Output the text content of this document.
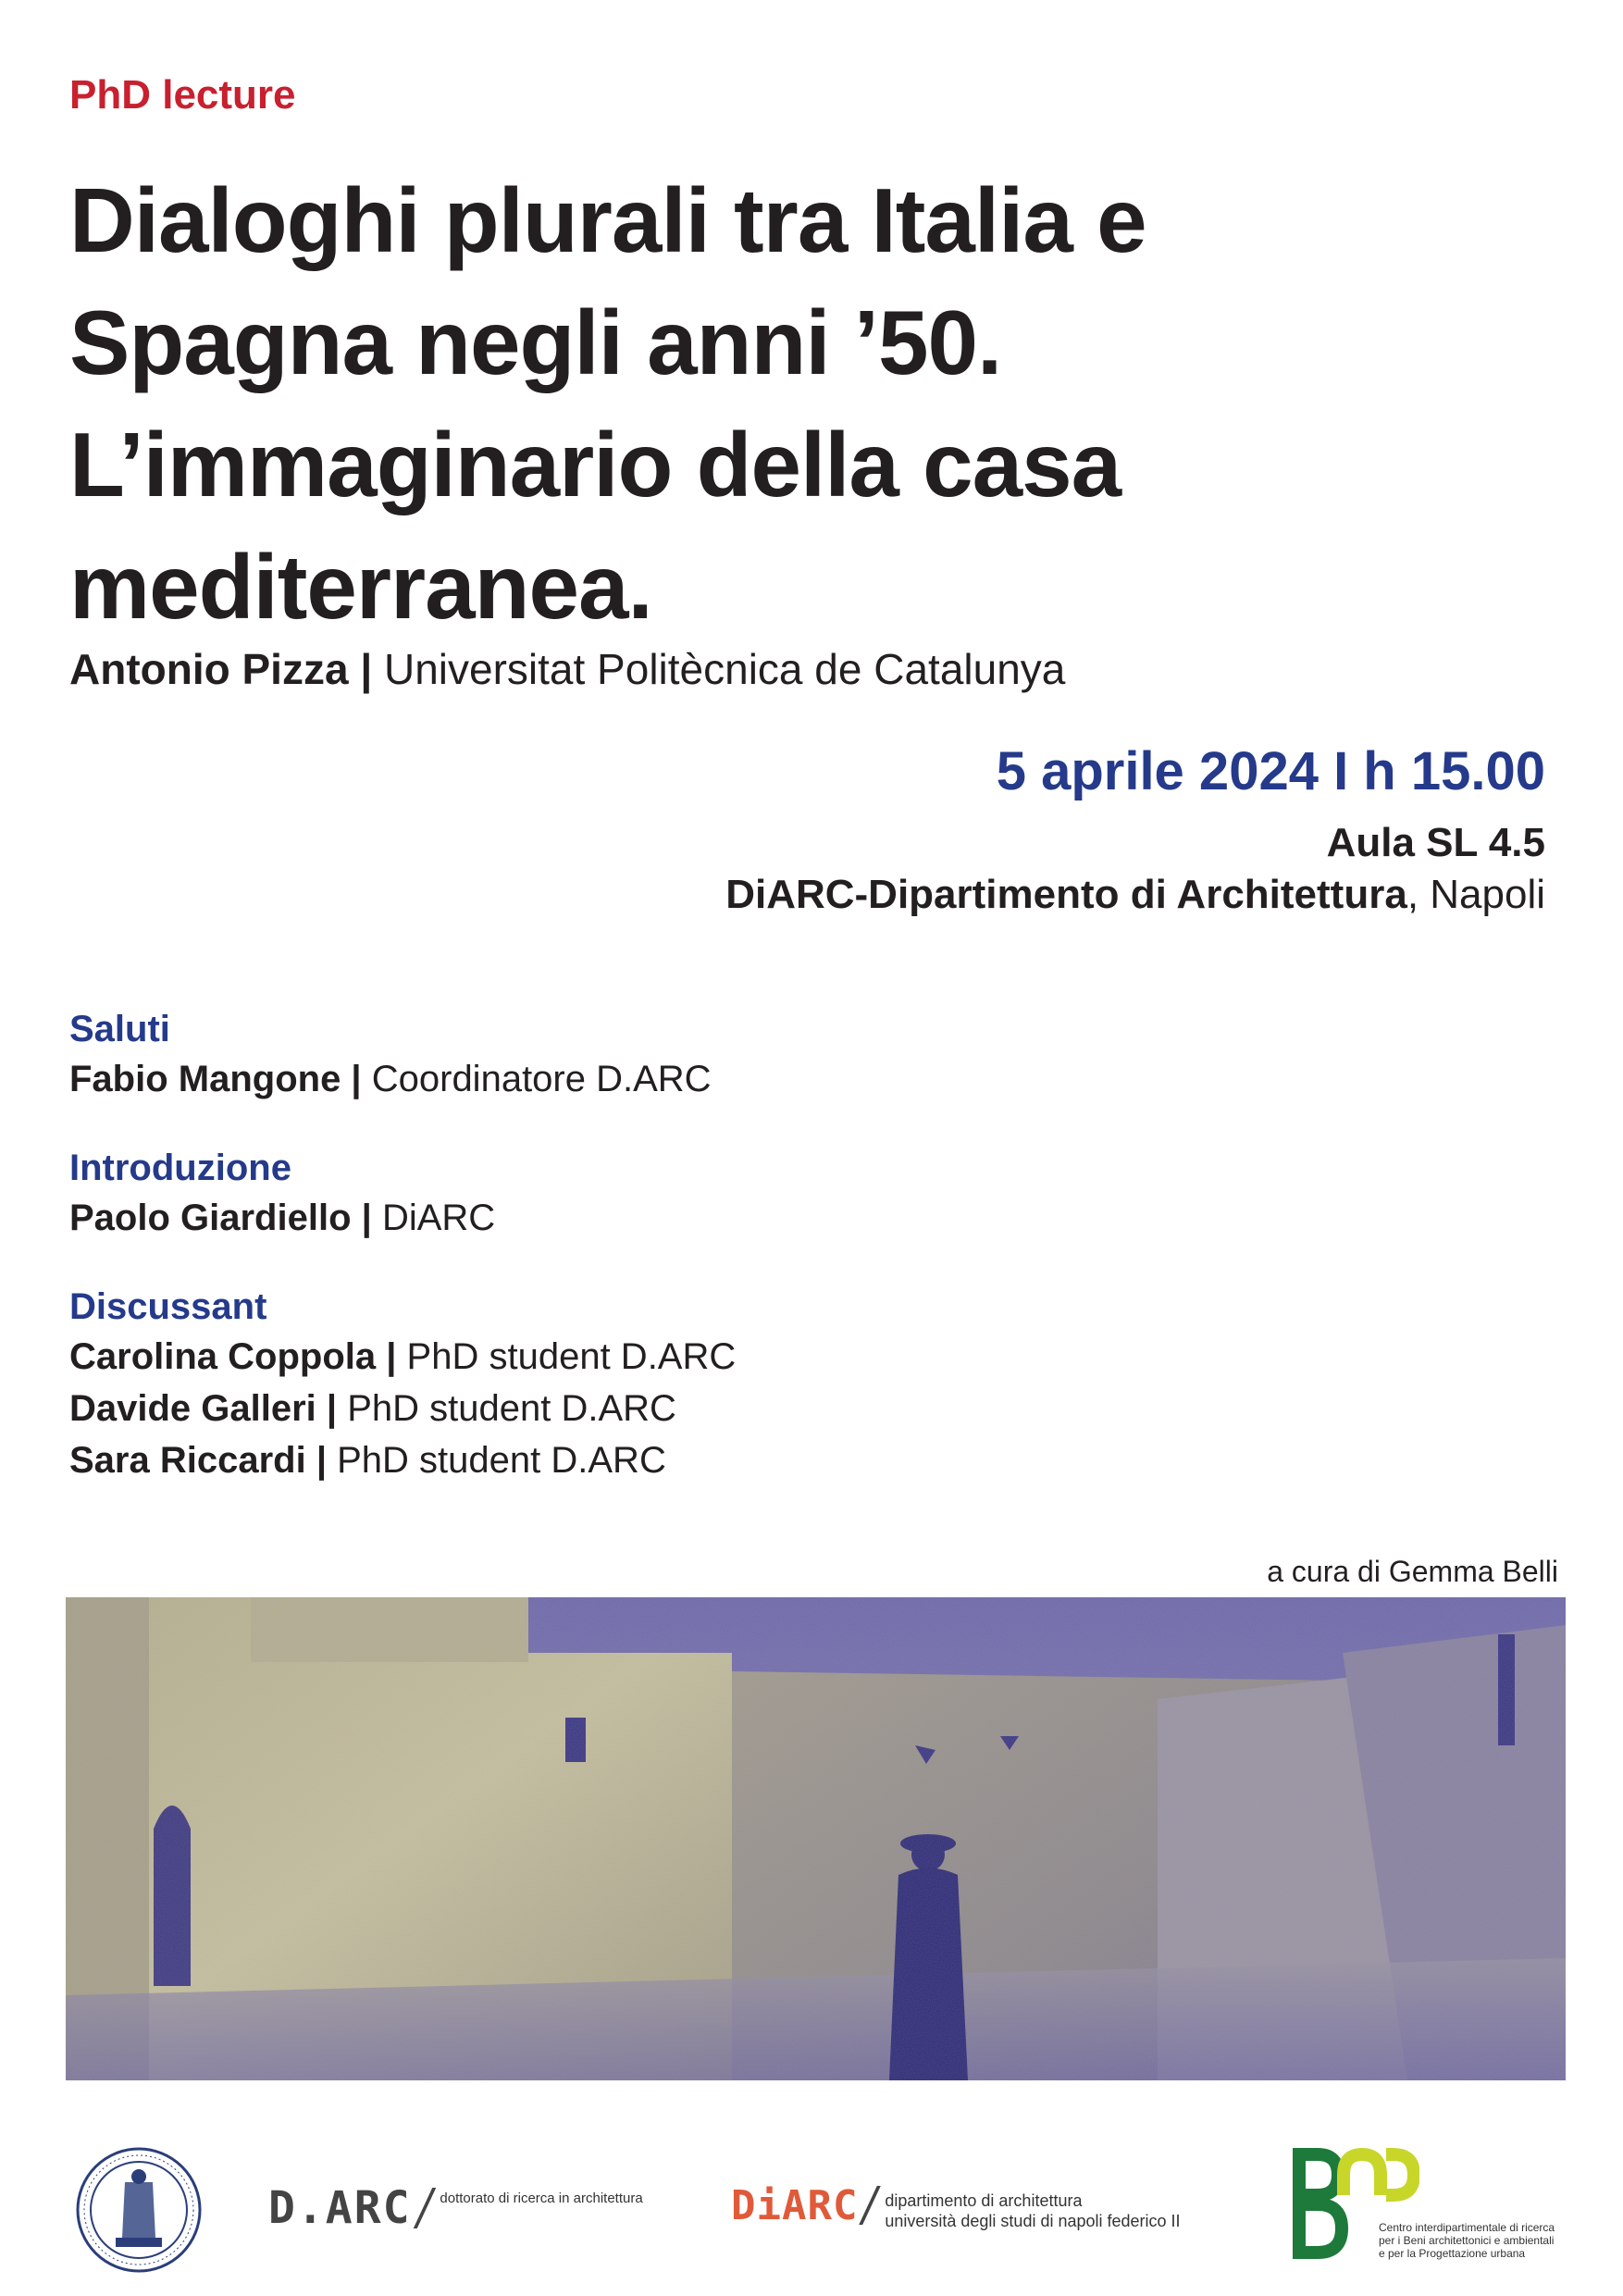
PhD lecture
Dialoghi plurali tra Italia e
Spagna negli anni ’50.
L’immaginario della casa
mediterranea.
Antonio Pizza | Universitat Politècnica de Catalunya
5 aprile 2024 I h 15.00
Aula SL 4.5
DiARC-Dipartimento di Architettura, Napoli
Saluti
Fabio Mangone | Coordinatore D.ARC
Introduzione
Paolo Giardiello | DiARC
Discussant
Carolina Coppola | PhD student D.ARC
Davide Galleri | PhD student D.ARC
Sara Riccardi | PhD student D.ARC
a cura di Gemma Belli
D.ARC dottorato di ricerca in architettura DiARC dipartimento di architettura
università degli studi di napoli federico II	Centro interdipartimentale di ricerca
per i Beni architettonici e ambientali
e per la Progettazione urbana
